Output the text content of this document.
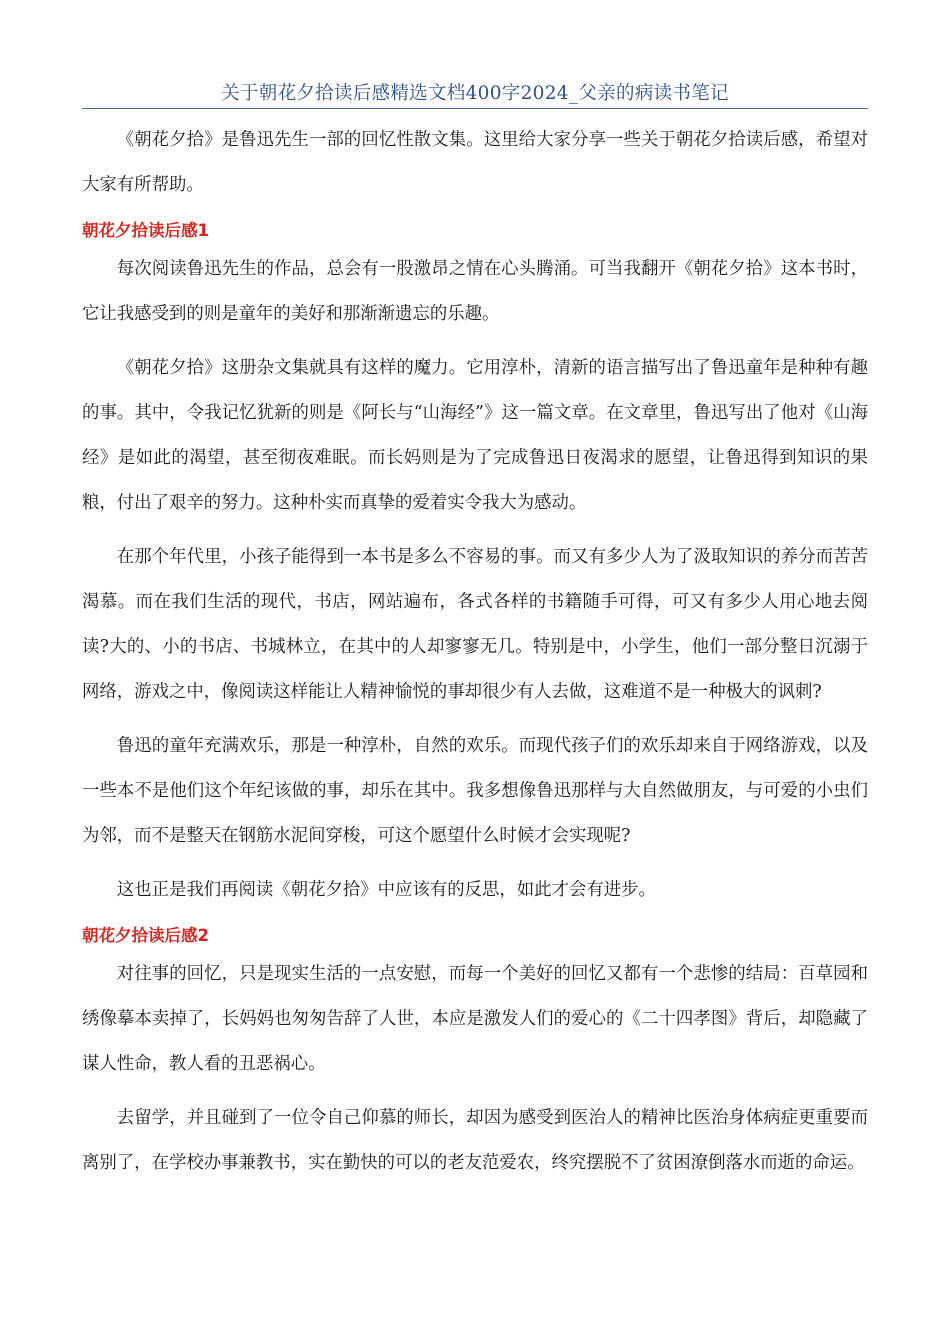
关于朝花夕拾读后感精选文档400字2024_父亲的病读书笔记

《朝花夕拾》是鲁迅先生一部的回忆性散文集。这里给大家分享一些关于朝花夕拾读后感，希望对大家有所帮助。

朝花夕拾读后感1

每次阅读鲁迅先生的作品，总会有一股激昂之情在心头腾涌。可当我翻开《朝花夕拾》这本书时，它让我感受到的则是童年的美好和那渐渐遗忘的乐趣。

《朝花夕拾》这册杂文集就具有这样的魔力。它用淳朴，清新的语言描写出了鲁迅童年是种种有趣的事。其中，令我记忆犹新的则是《阿长与“山海经”》这一篇文章。在文章里，鲁迅写出了他对《山海经》是如此的渴望，甚至彻夜难眠。而长妈则是为了完成鲁迅日夜渴求的愿望，让鲁迅得到知识的果粮，付出了艰辛的努力。这种朴实而真挚的爱着实令我大为感动。

在那个年代里，小孩子能得到一本书是多么不容易的事。而又有多少人为了汲取知识的养分而苦苦渴慕。而在我们生活的现代，书店，网站遍布，各式各样的书籍随手可得，可又有多少人用心地去阅读?大的、小的书店、书城林立，在其中的人却寥寥无几。特别是中，小学生，他们一部分整日沉溺于网络，游戏之中，像阅读这样能让人精神愉悦的事却很少有人去做，这难道不是一种极大的讽刺?

鲁迅的童年充满欢乐，那是一种淳朴，自然的欢乐。而现代孩子们的欢乐却来自于网络游戏，以及一些本不是他们这个年纪该做的事，却乐在其中。我多想像鲁迅那样与大自然做朋友，与可爱的小虫们为邻，而不是整天在钢筋水泥间穿梭，可这个愿望什么时候才会实现呢?

这也正是我们再阅读《朝花夕拾》中应该有的反思，如此才会有进步。

朝花夕拾读后感2

对往事的回忆，只是现实生活的一点安慰，而每一个美好的回忆又都有一个悲惨的结局：百草园和绣像摹本卖掉了，长妈妈也匆匆告辞了人世，本应是激发人们的爱心的《二十四孝图》背后，却隐藏了谋人性命，教人看的丑恶祸心。

去留学，并且碰到了一位令自己仰慕的师长，却因为感受到医治人的精神比医治身体病症更重要而离别了，在学校办事兼教书，实在勤快的可以的老友范爱农，终究摆脱不了贫困潦倒落水而逝的命运。
